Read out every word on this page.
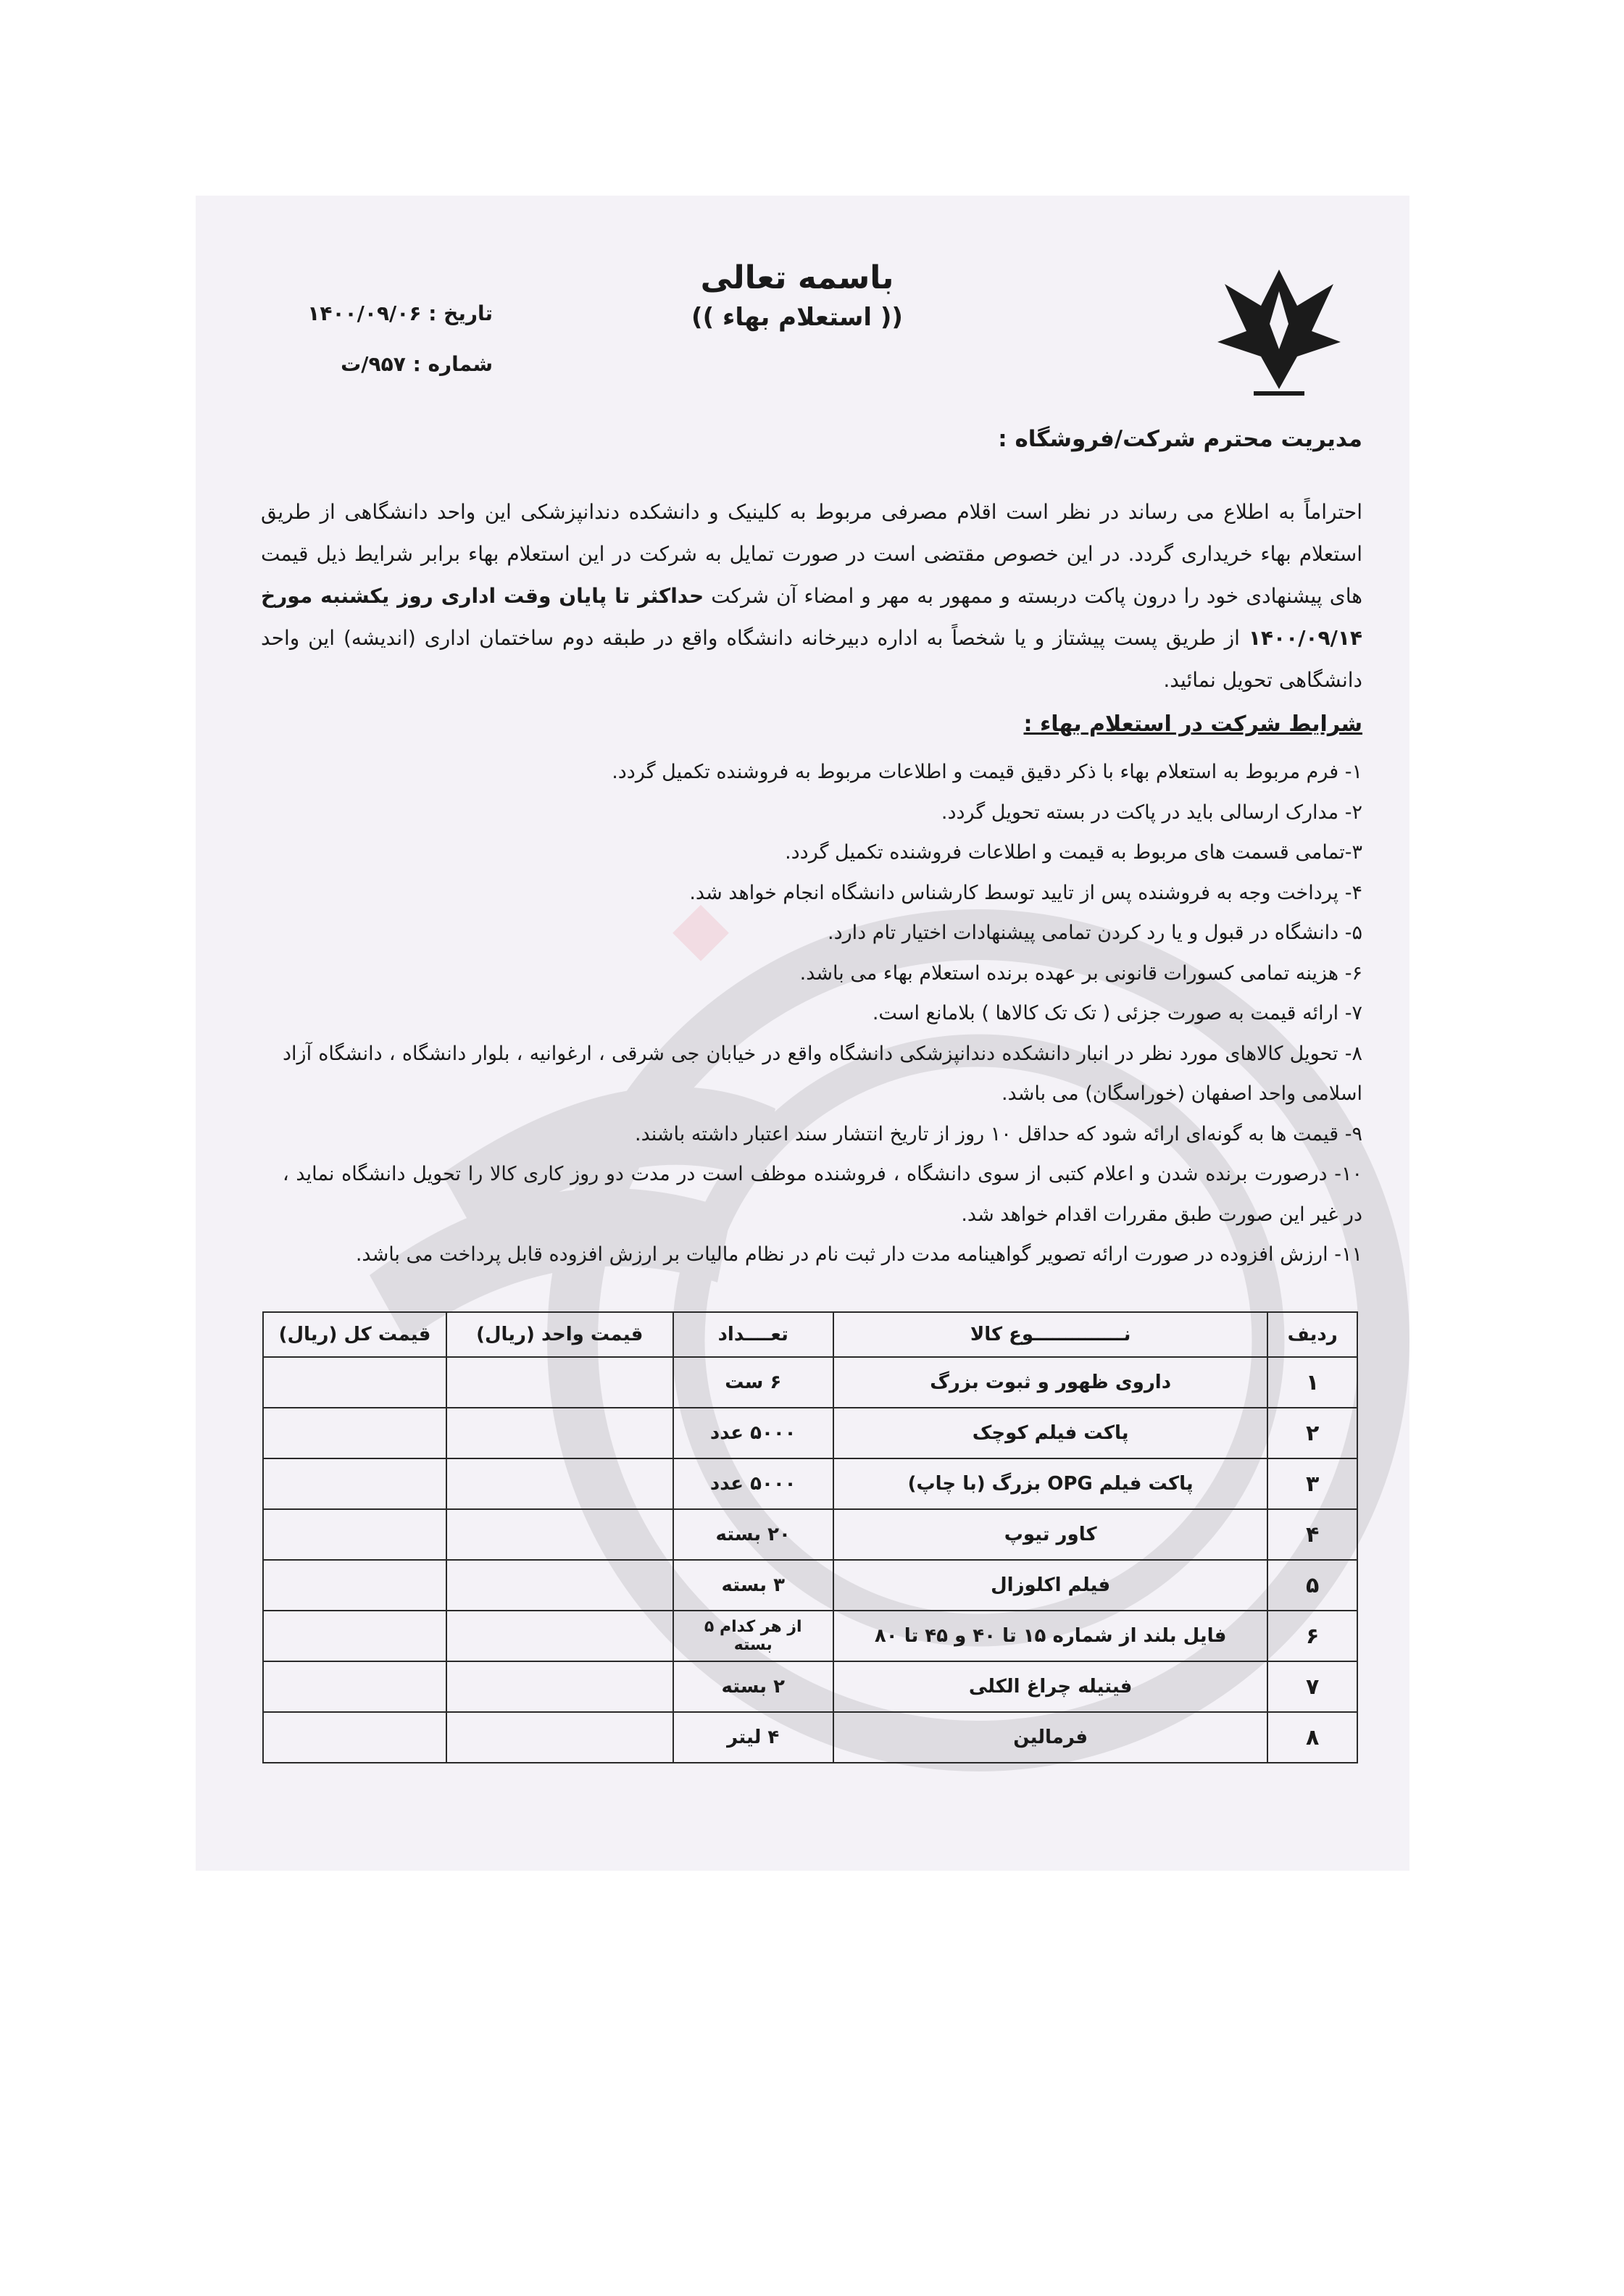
باسمه تعالی
(( استعلام بهاء ))
تاریخ : ۱۴۰۰/۰۹/۰۶
شماره : ۹۵۷/ت
مدیریت محترم شرکت/فروشگاه :
احتراماً به اطلاع می رساند در نظر است اقلام مصرفی مربوط به کلینیک و دانشکده دندانپزشکی این واحد دانشگاهی از طریق استعلام بهاء خریداری گردد. در این خصوص مقتضی است در صورت تمایل به شرکت در این استعلام بهاء برابر شرایط ذیل قیمت های پیشنهادی خود را درون پاکت دربسته و ممهور به مهر و امضاء آن شرکت حداکثر تا پایان وقت اداری روز یکشنبه مورخ ۱۴۰۰/۰۹/۱۴ از طریق پست پیشتاز و یا شخصاً به اداره دبیرخانه دانشگاه واقع در طبقه دوم ساختمان اداری (اندیشه) این واحد دانشگاهی تحویل نمائید.
شرایط شرکت در استعلام بهاء :
۱- فرم مربوط به استعلام بهاء با ذکر دقیق قیمت و اطلاعات مربوط به فروشنده تکمیل گردد.
۲- مدارک ارسالی باید در پاکت در بسته تحویل گردد.
۳-تمامی قسمت های مربوط به قیمت و اطلاعات فروشنده تکمیل گردد.
۴- پرداخت وجه به فروشنده پس از تایید توسط کارشناس دانشگاه انجام خواهد شد.
۵- دانشگاه در قبول و یا رد کردن تمامی پیشنهادات اختیار تام دارد.
۶- هزینه تمامی کسورات قانونی بر عهده برنده استعلام بهاء می باشد.
۷- ارائه قیمت به صورت جزئی ( تک تک کالاها ) بلامانع است.
۸- تحویل کالاهای مورد نظر در انبار دانشکده دندانپزشکی دانشگاه واقع در خیابان جی شرقی ، ارغوانیه ، بلوار دانشگاه ، دانشگاه آزاد اسلامی واحد اصفهان (خوراسگان) می باشد.
۹- قیمت ها به گونه‌ای ارائه شود که حداقل ۱۰ روز از تاریخ انتشار سند اعتبار داشته باشند.
۱۰- درصورت برنده شدن و اعلام کتبی از سوی دانشگاه ، فروشنده موظف است در مدت دو روز کاری کالا را تحویل دانشگاه نماید ، در غیر این صورت طبق مقررات اقدام خواهد شد.
۱۱- ارزش افزوده در صورت ارائه تصویر گواهینامه مدت دار ثبت نام در نظام مالیات بر ارزش افزوده قابل پرداخت می باشد.
ردیف	نــــــــــــــوع کالا	تعــــداد	قیمت واحد (ریال)	قیمت کل (ریال)
۱	داروی ظهور و ثبوت بزرگ	۶ ست		
۲	پاکت فیلم کوچک	۵۰۰۰ عدد		
۳	پاکت فیلم OPG بزرگ (با چاپ)	۵۰۰۰ عدد		
۴	کاور تیوپ	۲۰ بسته		
۵	فیلم اکلوزال	۳ بسته		
۶	فایل بلند از شماره ۱۵ تا ۴۰ و ۴۵ تا ۸۰	از هر کدام ۵ بسته		
۷	فیتیله چراغ الکلی	۲ بسته		
۸	فرمالین	۴ لیتر		
